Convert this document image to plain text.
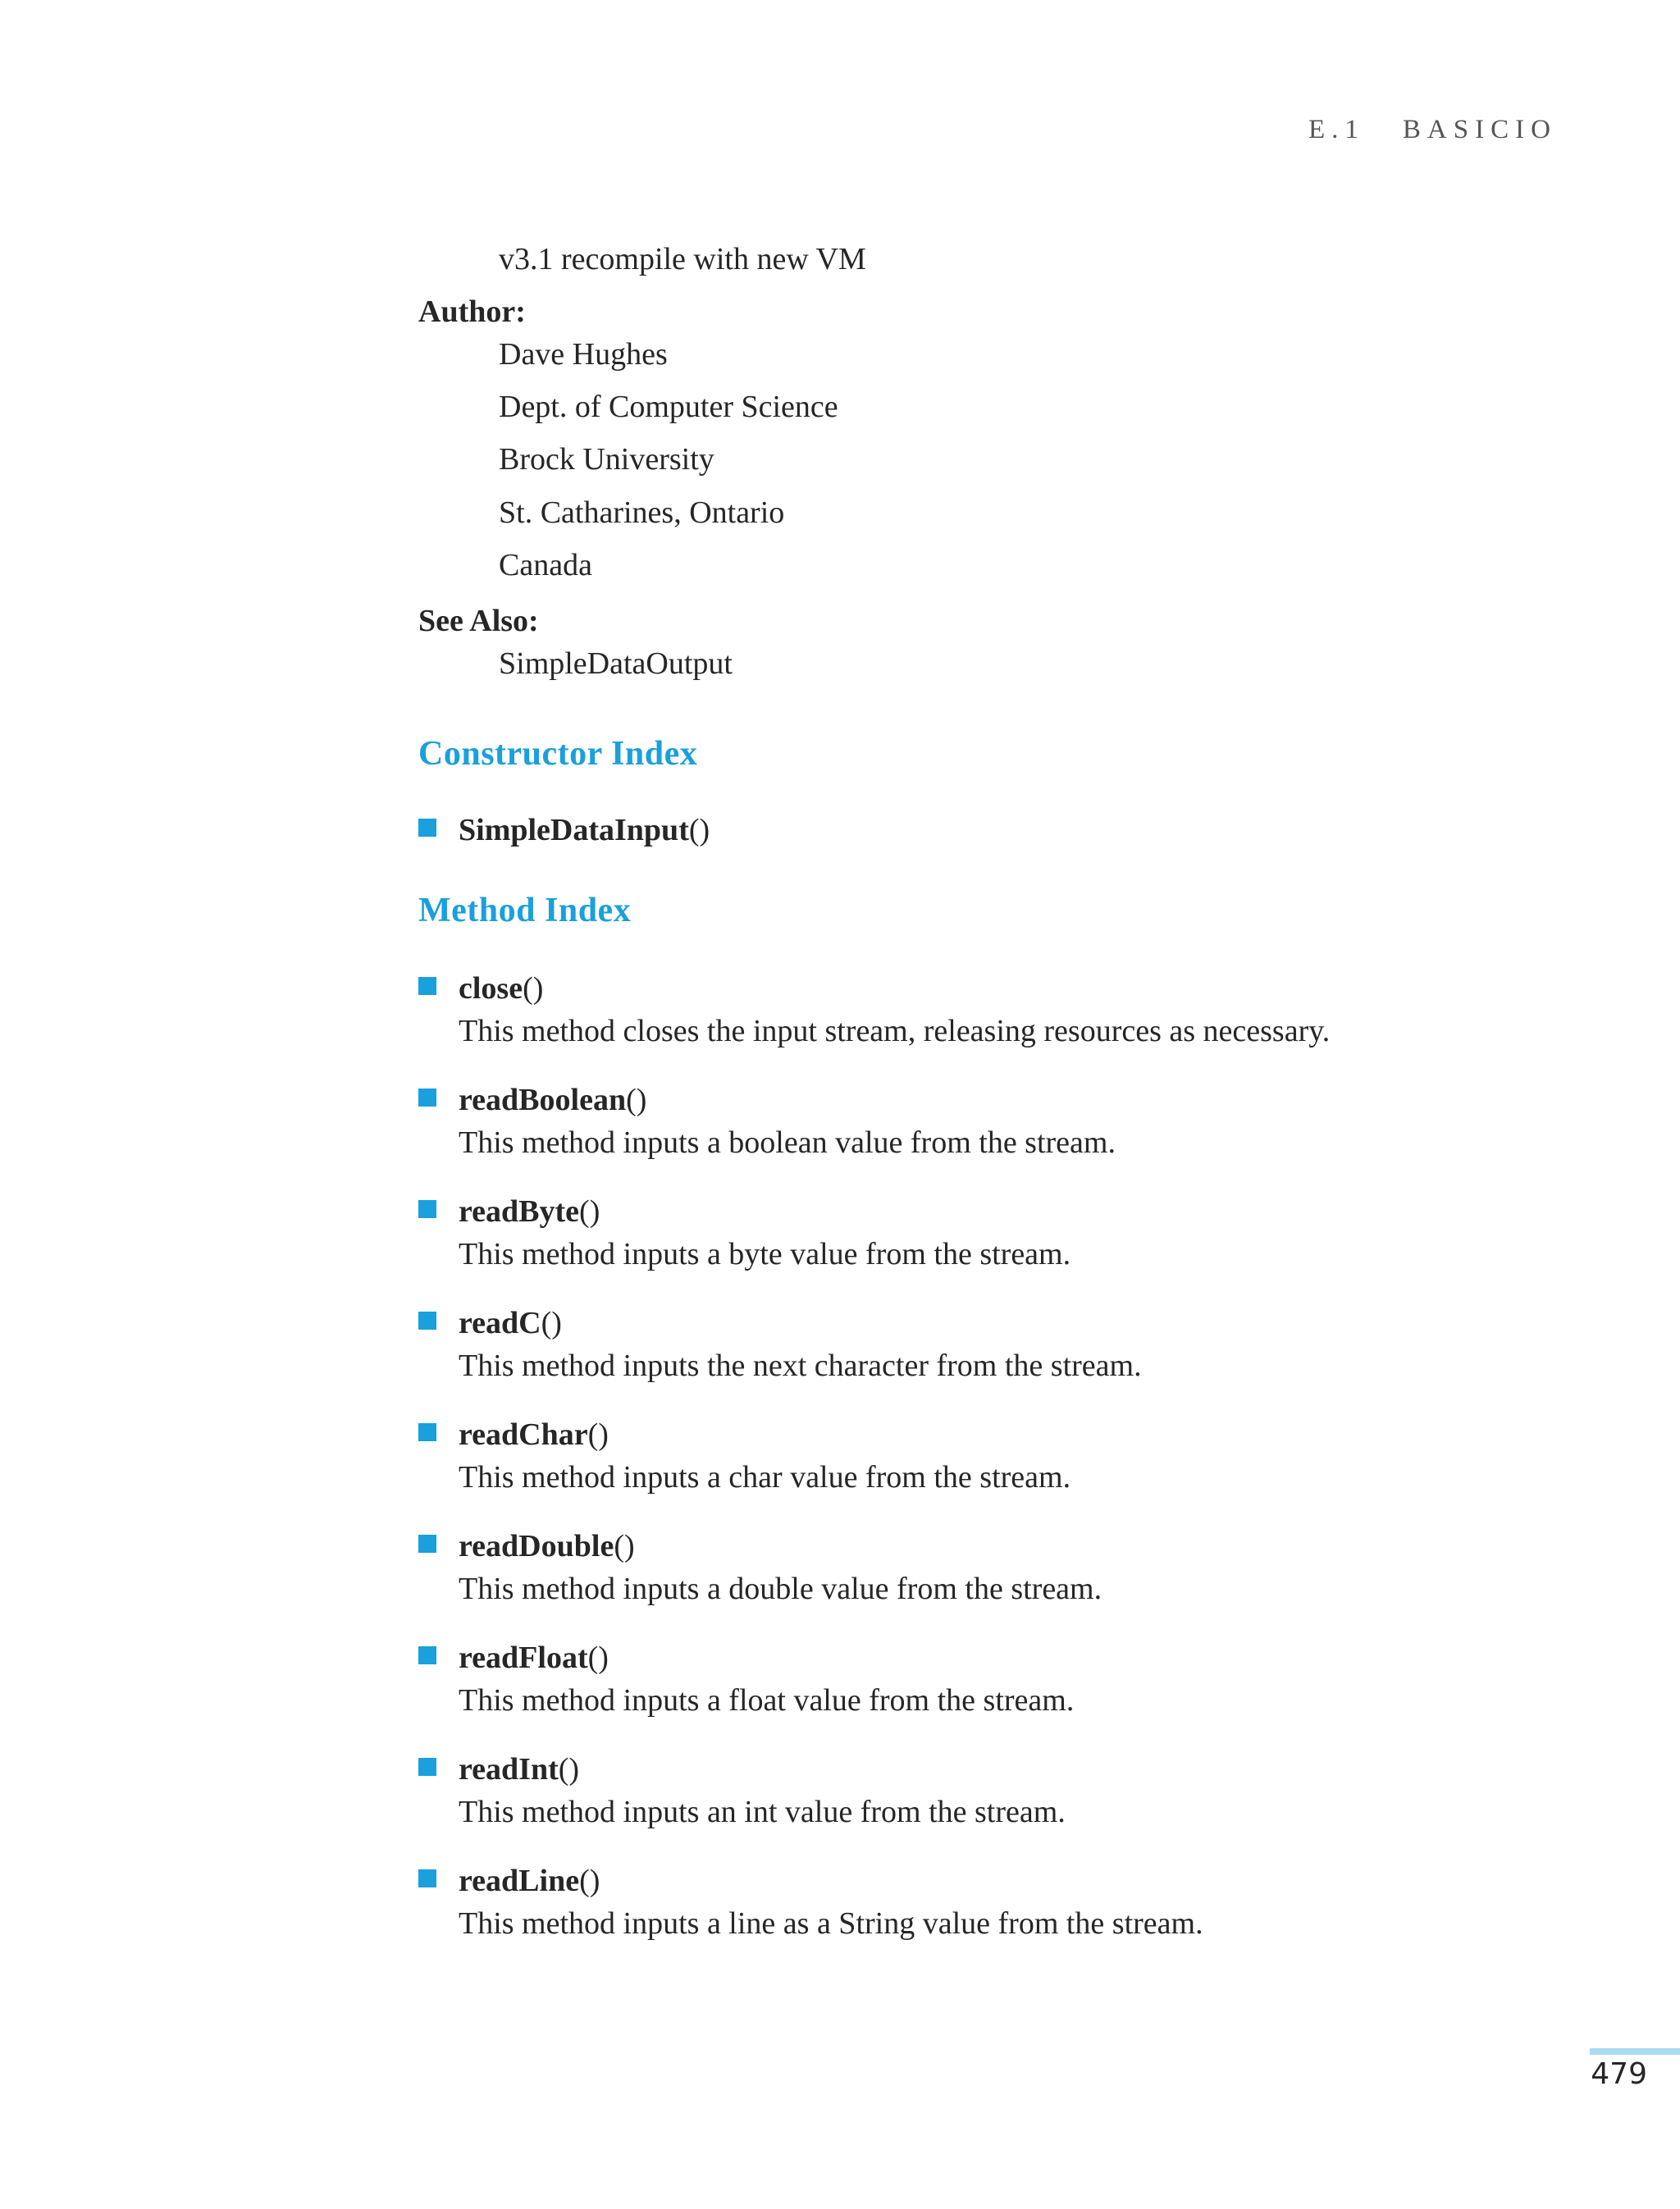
E.1 BASICIO
v3.1 recompile with new VM
Author:
Dave Hughes
Dept. of Computer Science
Brock University
St. Catharines, Ontario
Canada
See Also:
SimpleDataOutput
Constructor Index
SimpleDataInput()
Method Index
close()
This method closes the input stream, releasing resources as necessary.
readBoolean()
This method inputs a boolean value from the stream.
readByte()
This method inputs a byte value from the stream.
readC()
This method inputs the next character from the stream.
readChar()
This method inputs a char value from the stream.
readDouble()
This method inputs a double value from the stream.
readFloat()
This method inputs a float value from the stream.
readInt()
This method inputs an int value from the stream.
readLine()
This method inputs a line as a String value from the stream.
479
